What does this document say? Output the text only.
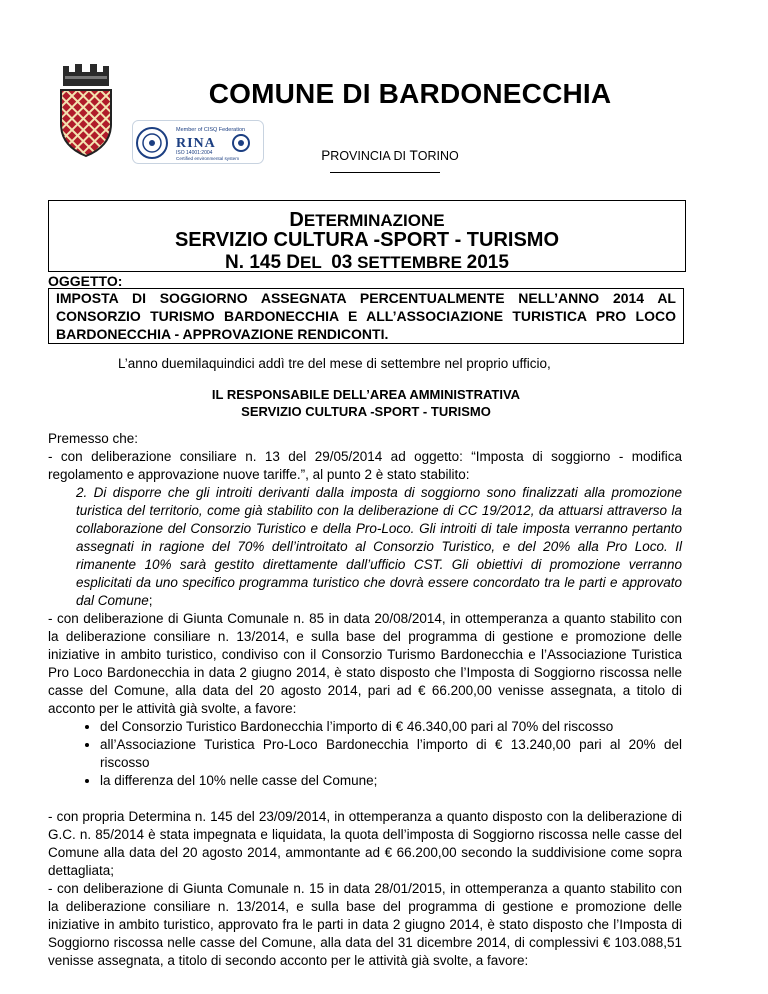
Member of CISQ Federation
RINA
ISO 14001:2004
Certified environmental system
COMUNE DI BARDONECCHIA
PROVINCIA DI TORINO
DETERMINAZIONE
SERVIZIO CULTURA -SPORT - TURISMO
N. 145 DEL 03 SETTEMBRE 2015
OGGETTO:
IMPOSTA DI SOGGIORNO ASSEGNATA PERCENTUALMENTE NELL’ANNO 2014 AL CONSORZIO TURISMO BARDONECCHIA E ALL’ASSOCIAZIONE TURISTICA PRO LOCO BARDONECCHIA - APPROVAZIONE RENDICONTI.
L’anno duemilaquindici addì tre del mese di settembre nel proprio ufficio,
IL RESPONSABILE DELL’AREA AMMINISTRATIVA
SERVIZIO CULTURA -SPORT - TURISMO

Premesso che:

- con deliberazione consiliare n. 13 del 29/05/2014 ad oggetto: “Imposta di soggiorno - modifica regolamento e approvazione nuove tariffe.”, al punto 2 è stato stabilito:

2. Di disporre che gli introiti derivanti dalla imposta di soggiorno sono finalizzati alla promozione turistica del territorio, come già stabilito con la deliberazione di CC 19/2012, da attuarsi attraverso la collaborazione del Consorzio Turistico e della Pro-Loco. Gli introiti di tale imposta verranno pertanto assegnati in ragione del 70% dell’introitato al Consorzio Turistico, e del 20% alla Pro Loco. Il rimanente 10% sarà gestito direttamente dall’ufficio CST. Gli obiettivi di promozione verranno esplicitati da uno specifico programma turistico che dovrà essere concordato tra le parti e approvato dal Comune;

- con deliberazione di Giunta Comunale n. 85 in data 20/08/2014, in ottemperanza a quanto stabilito con la deliberazione consiliare n. 13/2014, e sulla base del programma di gestione e promozione delle iniziative in ambito turistico, condiviso con il Consorzio Turismo Bardonecchia e l’Associazione Turistica Pro Loco Bardonecchia in data 2 giugno 2014, è stato disposto che l’Imposta di Soggiorno riscossa nelle casse del Comune, alla data del 20 agosto 2014, pari ad € 66.200,00 venisse assegnata, a titolo di acconto per le attività già svolte, a favore:

• del Consorzio Turistico Bardonecchia l’importo di € 46.340,00 pari al 70% del riscosso
• all’Associazione Turistica Pro-Loco Bardonecchia l’importo di € 13.240,00 pari al 20% del riscosso
• la differenza del 10% nelle casse del Comune;

- con propria Determina n. 145 del 23/09/2014, in ottemperanza a quanto disposto con la deliberazione di G.C. n. 85/2014 è stata impegnata e liquidata, la quota dell’imposta di Soggiorno riscossa nelle casse del Comune alla data del 20 agosto 2014, ammontante ad € 66.200,00 secondo la suddivisione come sopra dettagliata;

- con deliberazione di Giunta Comunale n. 15 in data 28/01/2015, in ottemperanza a quanto stabilito con la deliberazione consiliare n. 13/2014, e sulla base del programma di gestione e promozione delle iniziative in ambito turistico, approvato fra le parti in data 2 giugno 2014, è stato disposto che l’Imposta di Soggiorno riscossa nelle casse del Comune, alla data del 31 dicembre 2014, di complessivi € 103.088,51 venisse assegnata, a titolo di secondo acconto per le attività già svolte, a favore:
